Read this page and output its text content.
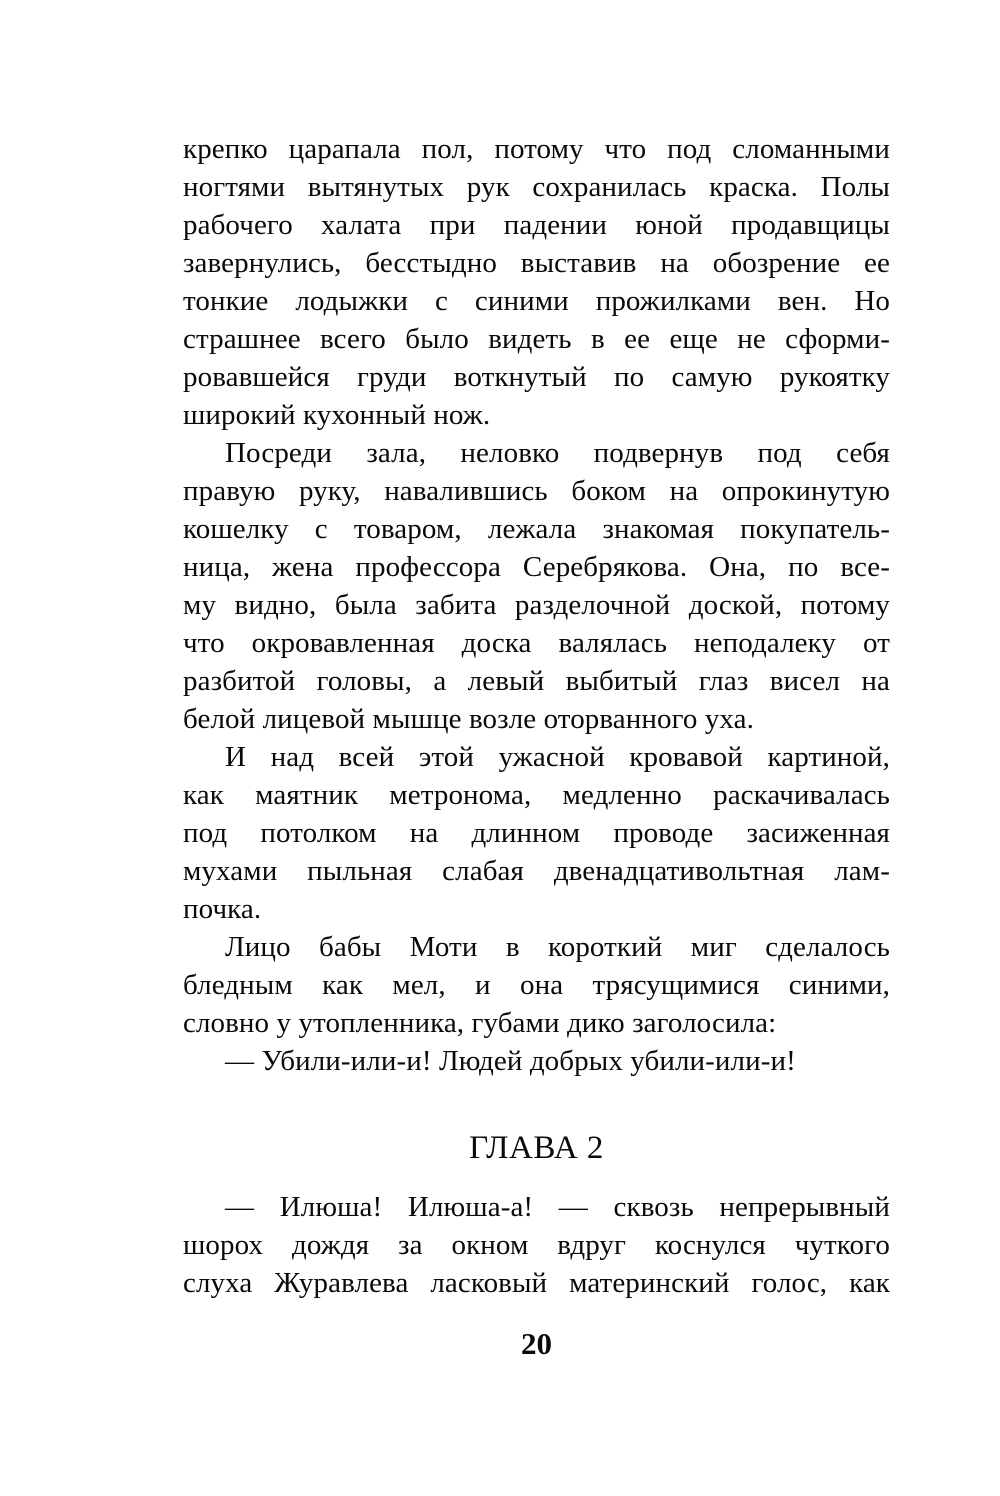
крепко царапала пол, потому что под сломанными
ногтями вытянутых рук сохранилась краска. Полы
рабочего халата при падении юной продавщицы
завернулись, бесстыдно выставив на обозрение ее
тонкие лодыжки с синими прожилками вен. Но
страшнее всего было видеть в ее еще не сформи-
ровавшейся груди воткнутый по самую рукоятку
широкий кухонный нож.
Посреди зала, неловко подвернув под себя
правую руку, навалившись боком на опрокинутую
кошелку с товаром, лежала знакомая покупатель-
ница, жена профессора Серебрякова. Она, по все-
му видно, была забита разделочной доской, потому
что окровавленная доска валялась неподалеку от
разбитой головы, а левый выбитый глаз висел на
белой лицевой мышце возле оторванного уха.
И над всей этой ужасной кровавой картиной,
как маятник метронома, медленно раскачивалась
под потолком на длинном проводе засиженная
мухами пыльная слабая двенадцативольтная лам-
почка.
Лицо бабы Моти в короткий миг сделалось
бледным как мел, и она трясущимися синими,
словно у утопленника, губами дико заголосила:
— Убили-или-и! Людей добрых убили-или-и!
ГЛАВА 2
— Илюша! Илюша-а! — сквозь непрерывный
шорох дождя за окном вдруг коснулся чуткого
слуха Журавлева ласковый материнский голос, как
20
